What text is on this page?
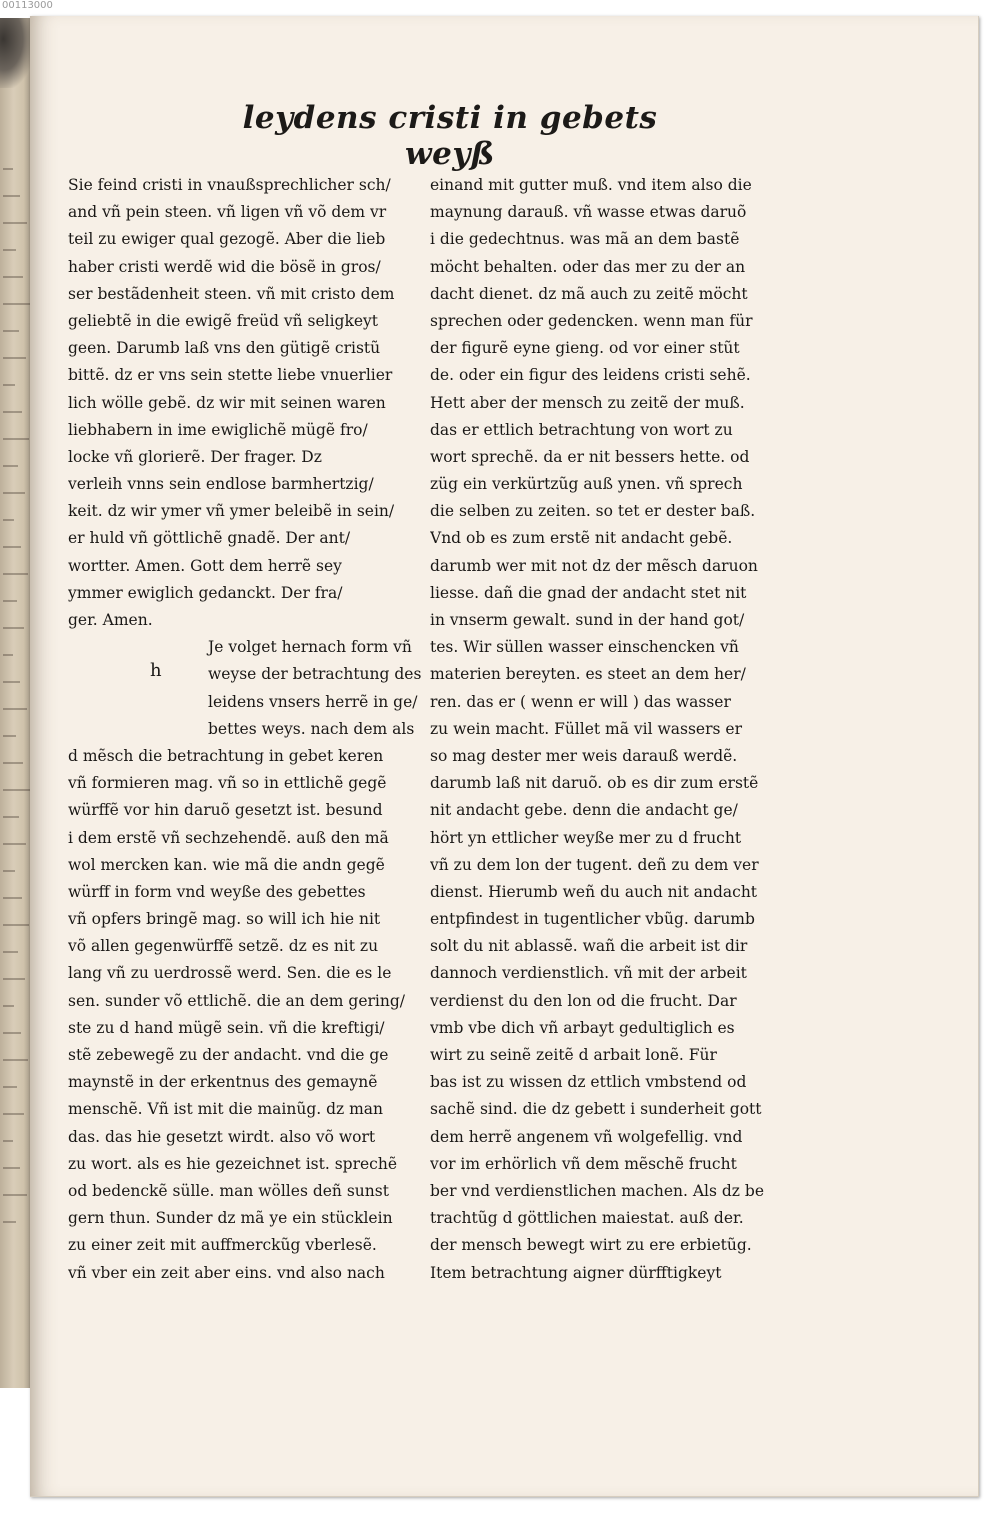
00113000
leydens cristi in gebets weyß
h
Sie feind cristi in vnaußsprechlicher sch/
and vñ pein steen. vñ ligen vñ võ dem vr
teil zu ewiger qual gezogẽ. Aber die lieb
haber cristi werdẽ wid die bösẽ in gros/
ser bestãdenheit steen. vñ mit cristo dem
geliebtẽ in die ewigẽ freüd vñ seligkeyt
geen. Darumb laß vns den gütigẽ cristũ
bittẽ. dz er vns sein stette liebe vnuerlier
lich wölle gebẽ. dz wir mit seinen waren
liebhabern in ime ewiglichẽ mügẽ fro/
locke vñ glorierẽ. Der frager. Dz
verleih vnns sein endlose barmhertzig/
keit. dz wir ymer vñ ymer beleibẽ in sein/
er huld vñ göttlichẽ gnadẽ. Der ant/
wortter. Amen. Gott dem herrẽ sey
ymmer ewiglich gedanckt. Der fra/
ger. Amen.
Je volget hernach form vñ
weyse der betrachtung des
leidens vnsers herrẽ in ge/
bettes weys. nach dem als
d mẽsch die betrachtung in gebet keren
vñ formieren mag. vñ so in ettlichẽ gegẽ
würffẽ vor hin daruõ gesetzt ist. besund
i dem erstẽ vñ sechzehendẽ. auß den mã
wol mercken kan. wie mã die andn gegẽ
würff in form vnd weyße des gebettes
vñ opfers bringẽ mag. so will ich hie nit
võ allen gegenwürffẽ setzẽ. dz es nit zu
lang vñ zu uerdrossẽ werd. Sen. die es le
sen. sunder võ ettlichẽ. die an dem gering/
ste zu d hand mügẽ sein. vñ die kreftigi/
stẽ zebewegẽ zu der andacht. vnd die ge
maynstẽ in der erkentnus des gemaynẽ
menschẽ. Vñ ist mit die mainũg. dz man
das. das hie gesetzt wirdt. also võ wort
zu wort. als es hie gezeichnet ist. sprechẽ
od bedenckẽ sülle. man wölles deñ sunst
gern thun. Sunder dz mã ye ein stücklein
zu einer zeit mit auffmerckũg vberlesẽ.
vñ vber ein zeit aber eins. vnd also nach
einand mit gutter muß. vnd item also die
maynung darauß. vñ wasse etwas daruõ
i die gedechtnus. was mã an dem bastẽ
möcht behalten. oder das mer zu der an
dacht dienet. dz mã auch zu zeitẽ möcht
sprechen oder gedencken. wenn man für
der figurẽ eyne gieng. od vor einer stũt
de. oder ein figur des leidens cristi sehẽ.
Hett aber der mensch zu zeitẽ der muß.
das er ettlich betrachtung von wort zu
wort sprechẽ. da er nit bessers hette. od
züg ein verkürtzũg auß ynen. vñ sprech
die selben zu zeiten. so tet er dester baß.
Vnd ob es zum erstẽ nit andacht gebẽ.
darumb wer mit not dz der mẽsch daruon
liesse. dañ die gnad der andacht stet nit
in vnserm gewalt. sund in der hand got/
tes. Wir süllen wasser einschencken vñ
materien bereyten. es steet an dem her/
ren. das er ( wenn er will ) das wasser
zu wein macht. Füllet mã vil wassers er
so mag dester mer weis darauß werdẽ.
darumb laß nit daruõ. ob es dir zum erstẽ
nit andacht gebe. denn die andacht ge/
hört yn ettlicher weyße mer zu d frucht
vñ zu dem lon der tugent. deñ zu dem ver
dienst. Hierumb weñ du auch nit andacht
entpfindest in tugentlicher vbũg. darumb
solt du nit ablassẽ. wañ die arbeit ist dir
dannoch verdienstlich. vñ mit der arbeit
verdienst du den lon od die frucht. Dar
vmb vbe dich vñ arbayt gedultiglich es
wirt zu seinẽ zeitẽ d arbait lonẽ. Für
bas ist zu wissen dz ettlich vmbstend od
sachẽ sind. die dz gebett i sunderheit gott
dem herrẽ angenem vñ wolgefellig. vnd
vor im erhörlich vñ dem mẽschẽ frucht
ber vnd verdienstlichen machen. Als dz be
trachtũg d göttlichen maiestat. auß der.
der mensch bewegt wirt zu ere erbietũg.
Item betrachtung aigner dürfftigkeyt
